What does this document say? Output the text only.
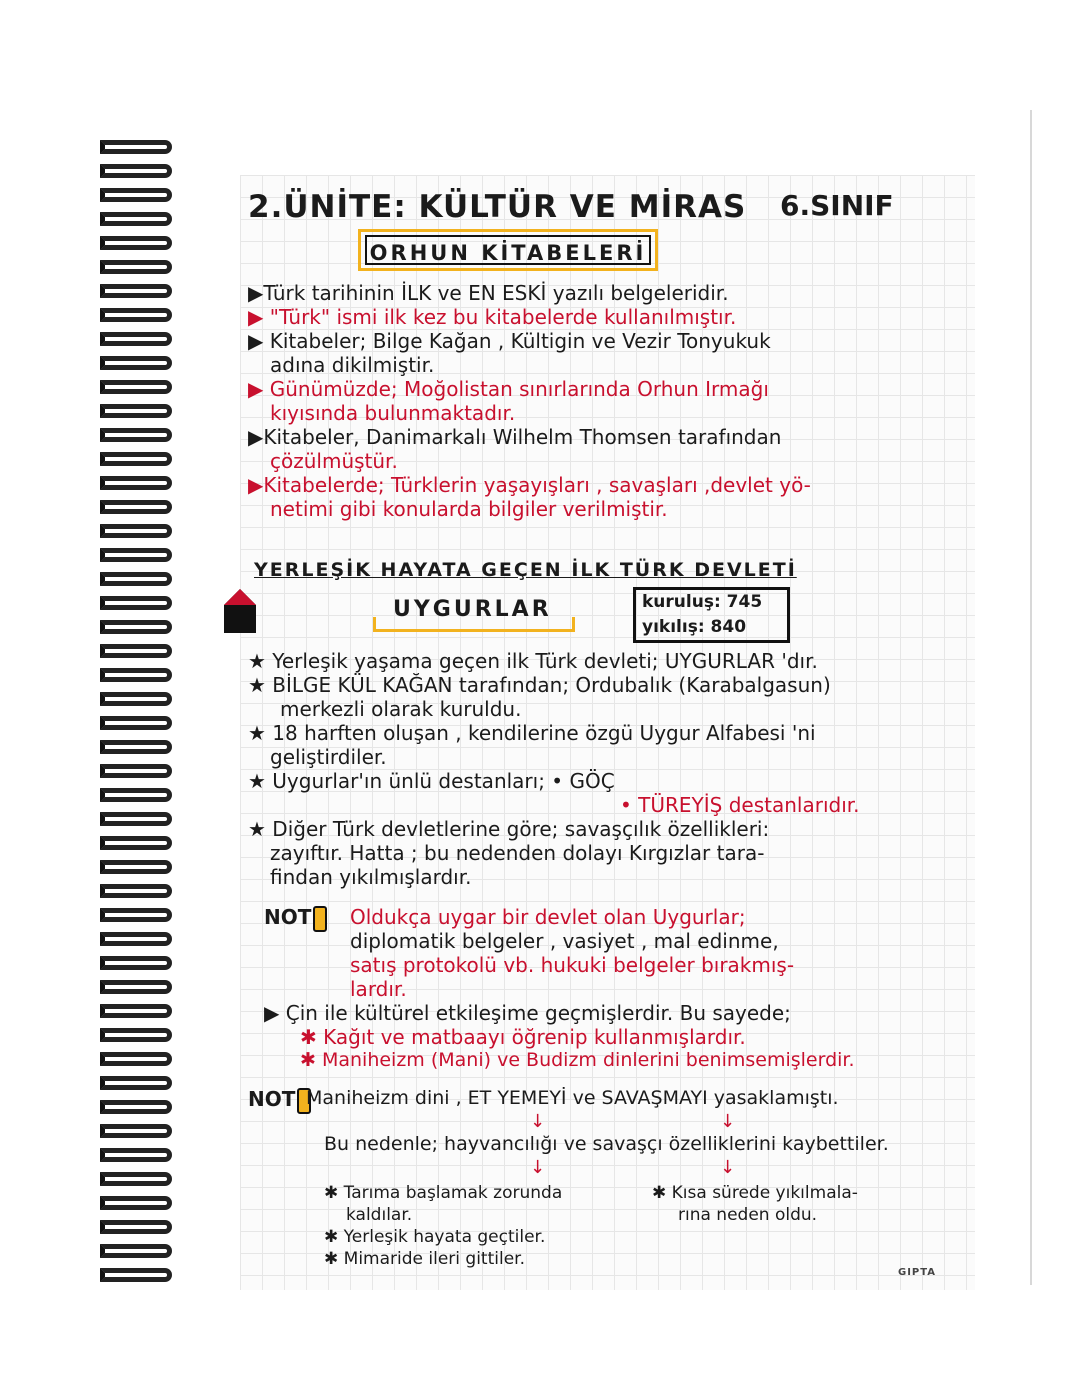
2.ÜNİTE: KÜLTÜR VE MİRAS 6.SINIF
ORHUN KİTABELERİ
▶Türk tarihinin İLK ve EN ESKİ yazılı belgeleridir.
▶ "Türk" ismi ilk kez bu kitabelerde kullanılmıştır.
▶ Kitabeler; Bilge Kağan , Kültigin ve Vezir Tonyukuk
adına dikilmiştir.
▶ Günümüzde; Moğolistan sınırlarında Orhun Irmağı
kıyısında bulunmaktadır.
▶Kitabeler, Danimarkalı Wilhelm Thomsen tarafından
çözülmüştür.
▶Kitabelerde; Türklerin yaşayışları , savaşları ,devlet yö-
netimi gibi konularda bilgiler verilmiştir.
YERLEŞİK HAYATA GEÇEN İLK TÜRK DEVLETİ
UYGURLAR	kuruluş: 745
yıkılış: 840
★ Yerleşik yaşama geçen ilk Türk devleti; UYGURLAR 'dır.
★ BİLGE KÜL KAĞAN tarafından; Ordubalık (Karabalgasun)
merkezli olarak kuruldu.
★ 18 harften oluşan , kendilerine özgü Uygur Alfabesi 'ni
geliştirdiler.
★ Uygurlar'ın ünlü destanları; • GÖÇ
• TÜREYİŞ destanlarıdır.
★ Diğer Türk devletlerine göre; savaşçılık özellikleri:
zayıftır. Hatta ; bu nedenden dolayı Kırgızlar tara-
findan yıkılmışlardır.
NOT	Oldukça uygar bir devlet olan Uygurlar;
diplomatik belgeler , vasiyet , mal edinme,
satış protokolü vb. hukuki belgeler bırakmış-
lardır.
▶ Çin ile kültürel etkileşime geçmişlerdir. Bu sayede;
✱ Kağıt ve matbaayı öğrenip kullanmışlardır.
✱ Maniheizm (Mani) ve Budizm dinlerini benimsemişlerdir.
NOT Maniheizm dini , ET YEMEYİ ve SAVAŞMAYI yasaklamıştı.
↓	↓
Bu nedenle; hayvancılığı ve savaşçı özelliklerini kaybettiler.
↓	↓
✱ Tarıma başlamak zorunda
kaldılar.
✱ Yerleşik hayata geçtiler.
✱ Mimaride ileri gittiler.
✱ Kısa sürede yıkılmala-
rına neden oldu.
GIPTA
